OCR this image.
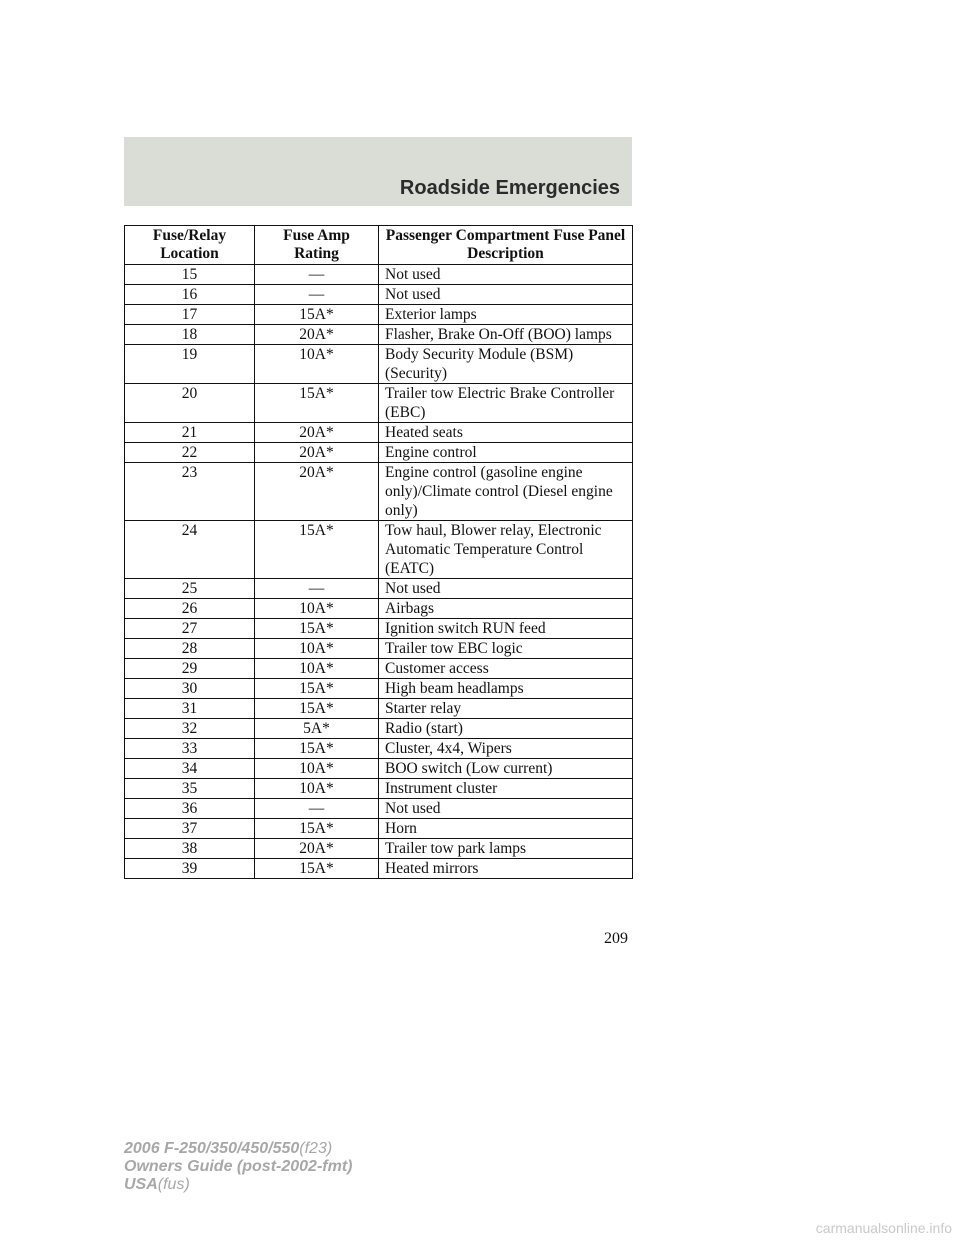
Roadside Emergencies
Fuse/Relay Location	Fuse Amp Rating	Passenger Compartment Fuse Panel Description
15	—	Not used
16	—	Not used
17	15A*	Exterior lamps
18	20A*	Flasher, Brake On-Off (BOO) lamps
19	10A*	Body Security Module (BSM) (Security)
20	15A*	Trailer tow Electric Brake Controller (EBC)
21	20A*	Heated seats
22	20A*	Engine control
23	20A*	Engine control (gasoline engine only)/Climate control (Diesel engine only)
24	15A*	Tow haul, Blower relay, Electronic Automatic Temperature Control (EATC)
25	—	Not used
26	10A*	Airbags
27	15A*	Ignition switch RUN feed
28	10A*	Trailer tow EBC logic
29	10A*	Customer access
30	15A*	High beam headlamps
31	15A*	Starter relay
32	5A*	Radio (start)
33	15A*	Cluster, 4x4, Wipers
34	10A*	BOO switch (Low current)
35	10A*	Instrument cluster
36	—	Not used
37	15A*	Horn
38	20A*	Trailer tow park lamps
39	15A*	Heated mirrors
209
2006 F-250/350/450/550(f23)
Owners Guide (post-2002-fmt)
USA(fus)
carmanualsonline.info
